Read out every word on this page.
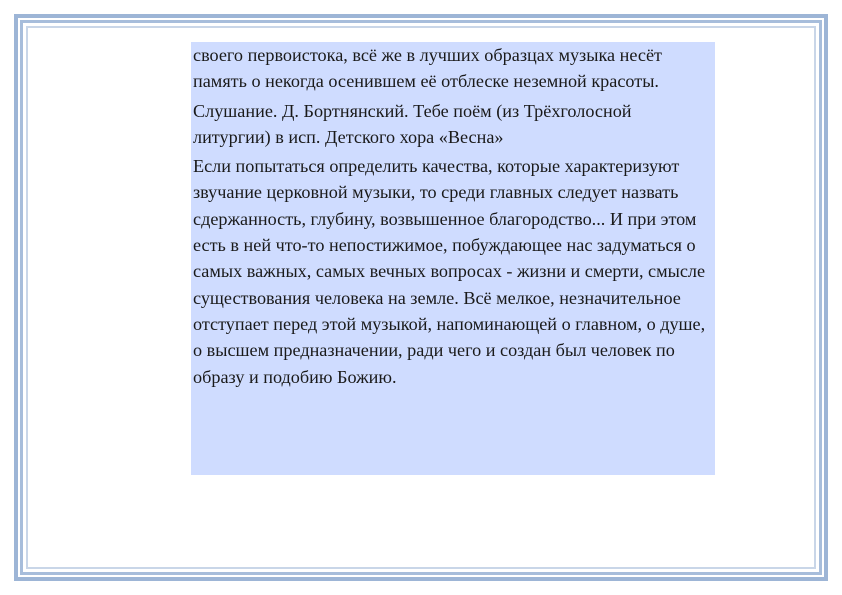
своего первоистока, всё же в лучших образцах музыка несёт память о некогда осенившем её отблеске неземной красоты.

Слушание. Д. Бортнянский. Тебе поём (из Трёхголосной литургии) в исп. Детского хора «Весна»

Если попытаться определить качества, которые характеризуют звучание церковной музыки, то среди главных следует назвать сдержанность, глубину, возвышенное благородство... И при этом есть в ней что-то непостижимое, побуждающее нас задуматься о самых важных, самых вечных вопросах - жизни и смерти, смысле существования человека на земле. Всё мелкое, незначительное отступает перед этой музыкой, напоминающей о главном, о душе, о высшем предназначении, ради чего и создан был человек по образу и подобию Божию.
